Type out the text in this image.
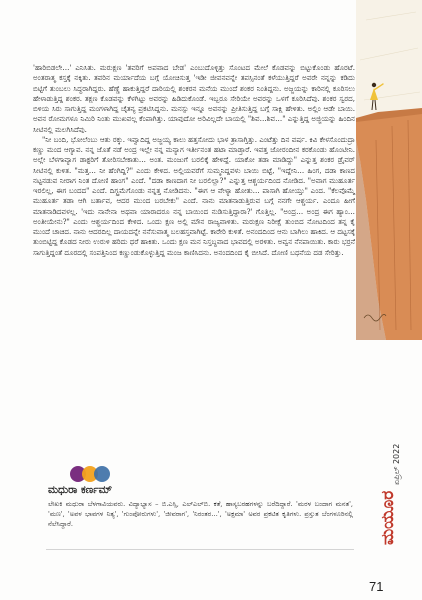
'ಹಾರಿಬಿಡಲೇ…' ಎನಿಸಿತು. ಮರುಕ್ಷಣ 'ತವರಿಗೆ ಅಪವಾದ ಬೇಡ' ಎಂಬುದೊಳ್ಳಿತ್ತು ಸೊಂಟದ ಮೇಲೆ ಕೊಡವನ್ನು ಬಿಟ್ಟುಕೊಂಡು ಹೊರಟೆ. ಅಂತರಾತ್ಮ ಕಸ್ತಕ್ಕೆ ನಕ್ಕಿತು. ತವರಿನ ಮರ್ಯಾದೆಯ ಬಗ್ಗೆ ಯೋಚಿಸುತ್ತ 'ಇಡೀ ಜೀವನವನ್ನೇ ತಪಸ್ಸಿನಂತೆ ಕಳೆಯುತ್ತಿದ್ದರೆ ಅವರೇ ನನ್ನನ್ನು ಕಡಿದು ಬಿಟ್ಟಿಗೆ ತುಂಬಲು ಸಿದ್ಧರಾಗಿದ್ದರು. ಹೆಣ್ಣೆ ಹಾಕುತ್ತಿದ್ದರೆ ದಾರಿಯಲ್ಲಿ ಶಂಕರನ ಮನೆಯ ಮುಂದೆ ಶಂಕರ ನಿಂತಿದ್ದನು. ಅಜ್ಜಯನ್ನು ಕಾರಿನಲ್ಲಿ ಕೂರಿಸಲು ಹೇಳಾಡುತ್ತಿದ್ದ ಶಂಕರ. ತಕ್ಷಣ ಕೊಡವನ್ನು ಕೆಳಗಿಟ್ಟು ಅವರನ್ನು ಹಿಡಿದುಕೊಂಡೆ. ಇಬ್ಬರೂ ಸೇರಿಯೇ ಅವರನ್ನು ಒಳಗೆ ಕೂರಿಸಿದೆವು. ಶಂಕರ ಸ್ವರದ, ಬಿಳಿಯ ಸಿರು ಸಾಗುತ್ತಿದ್ದ ಮಂಗಳಾಗಿದ್ದ ಚೈತನ್ಯ ಪ್ರಕಟಿಸಿದ್ದನು. ಮನಸ್ಸು ಇನ್ನೂ ಅವನನ್ನು ಪ್ರೀತಿಸುತ್ತಿದ್ದ ಬಗ್ಗೆ ಸಾಕ್ಷಿ ಹೇಳಿತು. ಅಲ್ಲಿಂ ಆಡೇ ಬಾಯಿ. ಅವನ ರೋಮಗಳೂ ನಿಮಿರಿ ನಿಂತು ಮುಖವಲ್ಲ ಕೆಂಪಾಗಿತ್ತು. ಯಾವುದೋ ಅರಿವಿಲ್ಲದೇ ಬಾಯಲ್ಲಿ "ಶಿವ…ಶಿವ…" ಎನ್ನುತ್ತಿದ್ದ ಅಜ್ಜಿಯನ್ನು ಹಿಂದಿನ ಸೀಟಿನಲ್ಲಿ ಮಲಗಿಸಿದೆವು.

"ನೀ ಬಂದಿ, ಭೋಲೆಂಬು ಆತು ರಕ್ಕು. ಇವ್ವಾದಿದ್ದ ಅಜ್ಜಯ್ಯ ಕಾಲು ಹತ್ತಸೋದು ಭಾಳ ತ್ರಾಸಾಗ್ತಿತ್ತು. ಎಂಟೆತ್ತು ದಿನ ವರ್ಷ. ಕಿವಿ ಕೇಳಸೊಂದುದ್ರಾ ಕಣ್ಣು ಮಂದ ಆಗ್ಯಾವ. ನನ್ನ ಜೊತೆ ನಡೆ ಅಂದ್ರ ಇಲ್ಲೇ ನನ್ನ ಮನ್ಯಾಗ ಇರ್ತೀನಂತ ಹಟಾ ಮಾಡ್ತಾರೆ. ಇವತ್ತ ಜೋರಂದೀನ ಕರಕೊಂಡು ಹೊಂಟೀನಿ. ಅಲ್ಲೇ ಬೆಳಗಾವ್ಯಾಗ ಡಾಕ್ಟರಿಗೆ ತೋರಿಸಬೇಕಾತು… ಅಂತ. ಮಂಜುಗೆ ಬರಲಿಕ್ಕೆ ಹೇಳಿದ್ದೆ. ಯಾಕೋ ತಡಾ ಮಾಡಿದ್ದು" ಎನ್ನುತ್ತ ಶಂಕರ ಡ್ರೈವರ್ ಸೀಟಿನಲ್ಲಿ ಕುಳಿತ. "ಮತ್ತ… ನೀ ಹೆಂಗಿದ್ದಿ?" ಎಂದು ಕೇಳಿದ. ಅಲ್ಲಿಯವರೆಗೆ ಸುಮ್ಮನಿದ್ದವಳು ಬಾಯಿ ಬಿಟ್ಟೆ, "ಇದ್ದೇನಿ… ಹಿಂಗ, ದಡಾ ಕಾಣದ ನಟ್ಟನಡುವ ನೀರಾಗ ನಿಂತ ದೋಣಿ ಹಾಂಗ" ಎಂದೆ. "ದಡಾ ಕಾಣದಾಗ ನೀ ಬರಲಿಲ್ಲಾ?" ಎನ್ನುತ್ತ ಆಶ್ಚರ್ಯದಿಂದ ನೋಡಿದ. "ಅವಾಗ ಮುಹೂರ್ತ ಇರಲಿಲ್ಲ, ಈಗ ಬಂದದ" ಎಂದೆ. ದಿಗ್ಭ್ರಮೆಗೊಂಡು ನನ್ನತ್ತ ನೋಡಿದನು. "ಈಗ ಆ ವೇಳ್ಯಾ ಹೋತು… ಪಾಸಾಗಿ ಹೋಯ್ತು" ಎಂದ. "ಕೆಲವೊಮ್ಮೆ ಮುಹೂರ್ತ ತಡಾ ಆಗಿ ಬರ್ತಾವ, ಆದರ ಮುಂದ ಬರಬೇಕು" ಎಂದೆ. ನಾನು ಮಾತನಾಡುತ್ತಿರುವ ಬಗ್ಗೆ ನನಗೇ ಆಶ್ಚರ್ಯ. ಎಂದೂ ಹೀಗೆ ಮಾತನಾಡಿದವಳಲ್ಲ. 'ಇದು ನಾನೇನಾ ಅಥವಾ ಯಾರಾದರೂ ನನ್ನ ಬಾಯಿಂದ ನುಡಿಸುತ್ತಿದ್ದಾರಾ?' ಗೊತ್ತಿಲ್ಲ. "ಅಂದ್ರ… ಅಂದ್ರ ಈಗ ಹ್ಯಾಂ… ಅಂತೀಯೇನು?" ಎಂದು ಆಶ್ಚರ್ಯದಿಂದ ಕೇಳಿದ. ಒಂದು ಕ್ಷಣ ಅಲ್ಲಿ ಮೌನ ರಾಜ್ಯವಾಳಿತು. ಮರುಕ್ಷಣ ನಿರೀಕ್ಷೆ ತುಂಬಿದ ನೋಟದಿಂದ ತನ್ನ ಕೈ ಮುಂದೆ ಚಾಚಿದ. ನಾನು ಆದರದಿಲ್ಲ ದಾಯದನ್ನೇ ನನೆಸುವಾತ್ಮ ಬಲಹಸ್ತವಾಗಿಟ್ಟೆ. ಕಾರೇರಿ ಕುಳಿತೆ. ಅನಂದದಿಂದ ಆನು ಬಾಗಿಲು ಹಾಕಿದ. ಆ ದಟ್ಟಸಕ್ಕೆ ತುಂಬಿಟ್ಟಿದ್ದ ಕೊಡದ ನೀರು ಉರುಳಿ ಹರಿದು ಧರೆ ಹಾಕಿತು. ಒಂದು ಕ್ಷಣ ಮನ ನಿಸ್ತಬ್ಧವಾದ ಭಾವದಲ್ಲಿ ಅರಳಿತು. ಅವ್ವನ ನೆನಪಾಯಿತು. ಕಾರು ಭರ್ರನೆ ಸಾಗುತ್ತಿದ್ದಂತೆ ದೂರದಲ್ಲಿ ಸಂಪತ್ತಿನಿಂದ ಕಣ್ಣುಂಡುಕೊಳ್ಳುತ್ತಿದ್ದ ಮಂಜ ಕಾಣಿಸಿದನು. ಅನಂದದಿಂದ ಕೈ ಬೀಸಿದೆ. ದೋಣಿ ಬಧನೆಯ ದಡ ಸೇರಿತ್ತು.

ಮಧುರಾ ಕರ್ಣಮ್
ಲೇಖಕಿ ಮಧುರಾ ಬೆಳಗಾವಿಯವರು. ವಿದ್ಯಾಭ್ಯಾಸ – ಬಿ.ಎಸ್ಸಿ, ಎಲ್‌ಎಲ್‌ಬಿ. ಕತೆ, ಹಾಸ್ಯಬರಹಗಳನ್ನು ಬರೆದಿದ್ದಾರೆ. 'ಮರಳ ಬಂದಾಗ ಮನತ', 'ಮಣ', 'ಅವಳ ಭಾವಗಳ ನಿತ್ಯ', 'ಗುಂಪೋರುಗಳು', 'ಜೀವರಾಗ', 'ನಿರಂತರ…', 'ಅಕ್ಷಮಾ' ಅವರ ಪ್ರಕಟಿತ ಕೃತಿಗಳು. ಪ್ರಸ್ತುತ ಬೆಂಗಳೂರಿನಲ್ಲಿ ನೆಲೆಸಿದ್ದಾರೆ.
ಏಪ್ರಿಲ್ 2022
ಮಯೂರ
71
